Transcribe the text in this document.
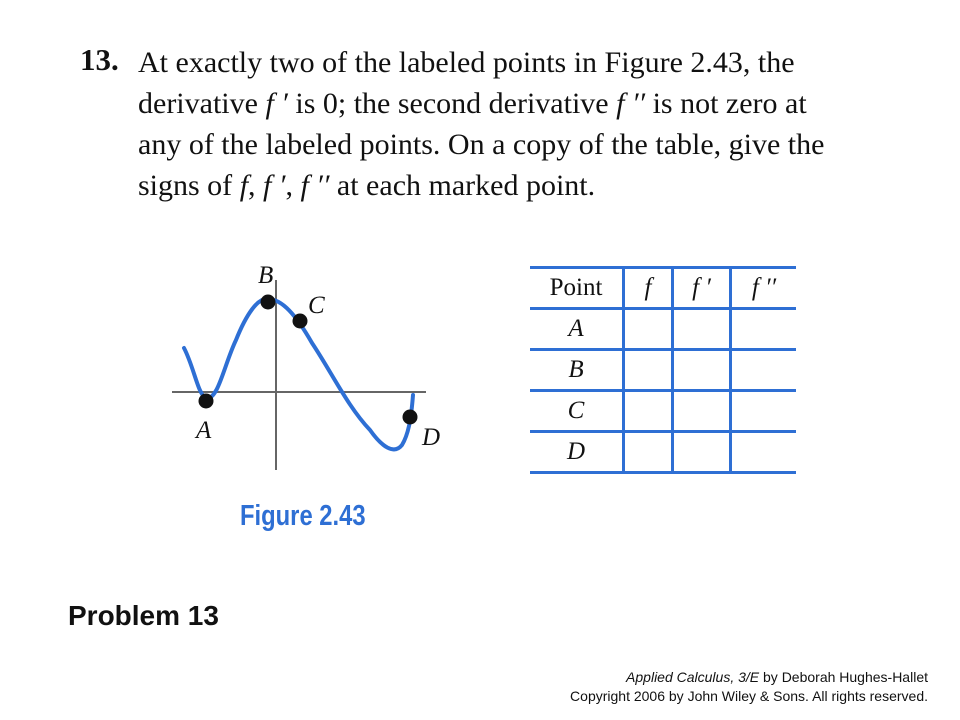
13. At exactly two of the labeled points in Figure 2.43, the
derivative f ′ is 0; the second derivative f ′′ is not zero at
any of the labeled points. On a copy of the table, give the
signs of f, f ′, f ′′ at each marked point.
A
B
C
D
Figure 2.43
Point	f	f ′	f ′′
A			
B			
C			
D			
Problem 13
Applied Calculus, 3/E by Deborah Hughes-Hallet
Copyright 2006 by John Wiley & Sons. All rights reserved.
